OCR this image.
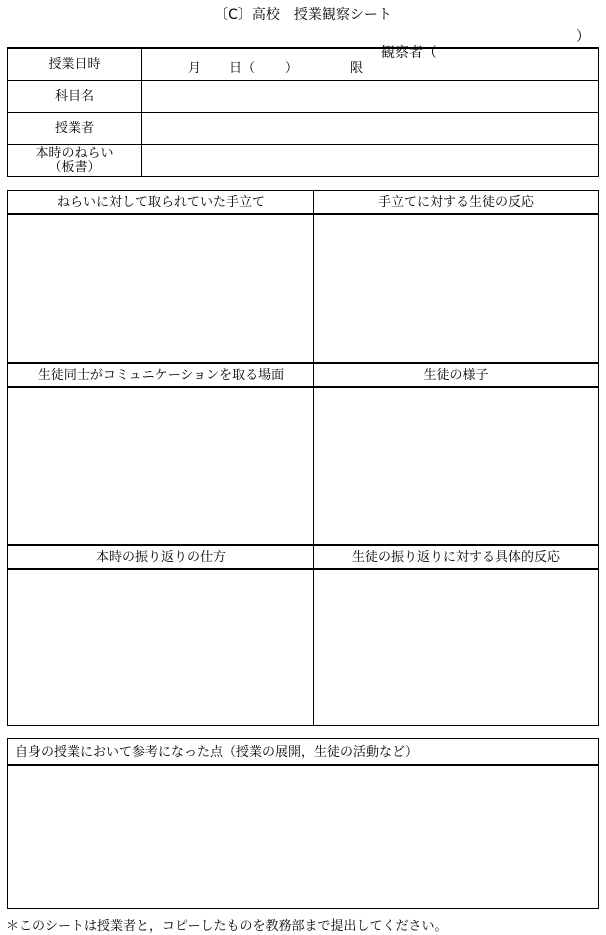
〔C〕高校　授業観察シート

観察者（

）

授業日時	月 日（ ） 限

科目名	
授業者	

本時のねらい
（板書）	

ねらいに対して取られていた手立て	手立てに対する生徒の反応
生徒同士がコミュニケーションを取る場面	生徒の様子
本時の振り返りの仕方	生徒の振り返りに対する具体的反応
自身の授業において参考になった点（授業の展開，生徒の活動など）
＊このシートは授業者と，コピーしたものを教務部まで提出してください。
